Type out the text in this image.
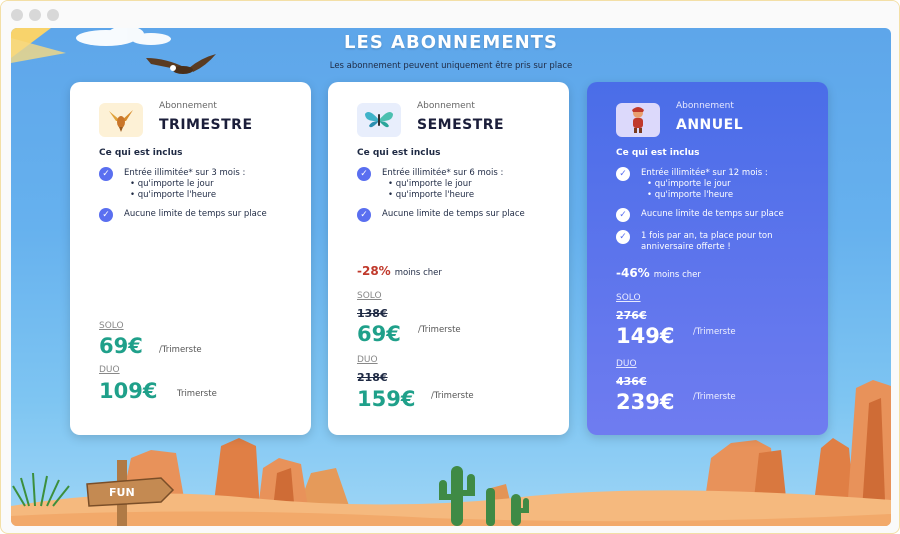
FUN
LES ABONNEMENTS
Les abonnement peuvent uniquement être pris sur place
Abonnement
TRIMESTRE
Ce qui est inclus
✓	Entrée illimitée* sur 3 mois :
• qu'importe le jour
• qu'importe l'heure
✓	Aucune limite de temps sur place
SOLO
69€ /Trimerste
DUO
109€ Trimerste
Abonnement
SEMESTRE
Ce qui est inclus
✓	Entrée illimitée* sur 6 mois :
• qu'importe le jour
• qu'importe l'heure
✓	Aucune limite de temps sur place
-28% moins cher
SOLO
138€
69€ /Trimerste
DUO
218€
159€ /Trimerste
Abonnement
ANNUEL
Ce qui est inclus
✓	Entrée illimitée* sur 12 mois :
• qu'importe le jour
• qu'importe l'heure
✓	Aucune limite de temps sur place
✓	1 fois par an, ta place pour ton
anniversaire offerte !
-46% moins cher
SOLO
276€
149€ /Trimerste
DUO
436€
239€ /Trimerste
